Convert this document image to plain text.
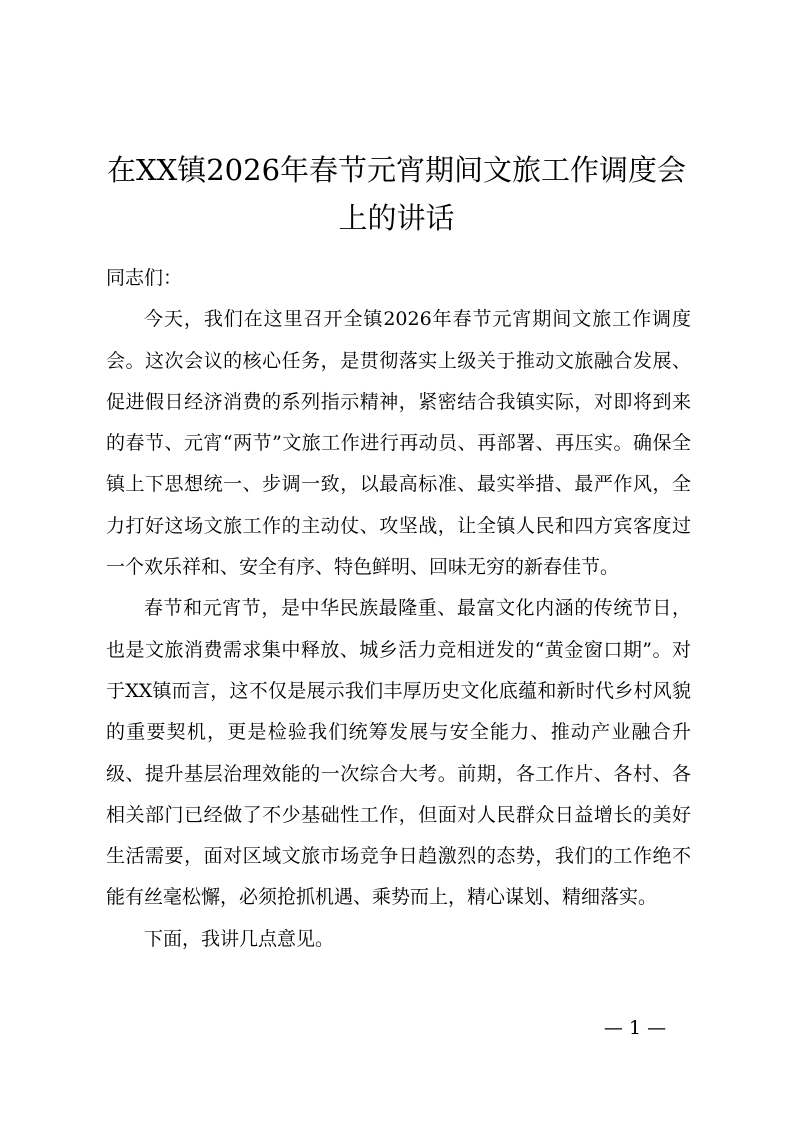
在XX镇2026年春节元宵期间文旅工作调度会
上的讲话

同志们：

今天，我们在这里召开全镇2026年春节元宵期间文旅工作调度会。这次会议的核心任务，是贯彻落实上级关于推动文旅融合发展、促进假日经济消费的系列指示精神，紧密结合我镇实际，对即将到来的春节、元宵“两节”文旅工作进行再动员、再部署、再压实。确保全镇上下思想统一、步调一致，以最高标准、最实举措、最严作风，全力打好这场文旅工作的主动仗、攻坚战，让全镇人民和四方宾客度过一个欢乐祥和、安全有序、特色鲜明、回味无穷的新春佳节。

春节和元宵节，是中华民族最隆重、最富文化内涵的传统节日，也是文旅消费需求集中释放、城乡活力竞相迸发的“黄金窗口期”。对于XX镇而言，这不仅是展示我们丰厚历史文化底蕴和新时代乡村风貌的重要契机，更是检验我们统筹发展与安全能力、推动产业融合升级、提升基层治理效能的一次综合大考。前期，各工作片、各村、各相关部门已经做了不少基础性工作，但面对人民群众日益增长的美好生活需要，面对区域文旅市场竞争日趋激烈的态势，我们的工作绝不能有丝毫松懈，必须抢抓机遇、乘势而上，精心谋划、精细落实。

下面，我讲几点意见。

— 1 —
